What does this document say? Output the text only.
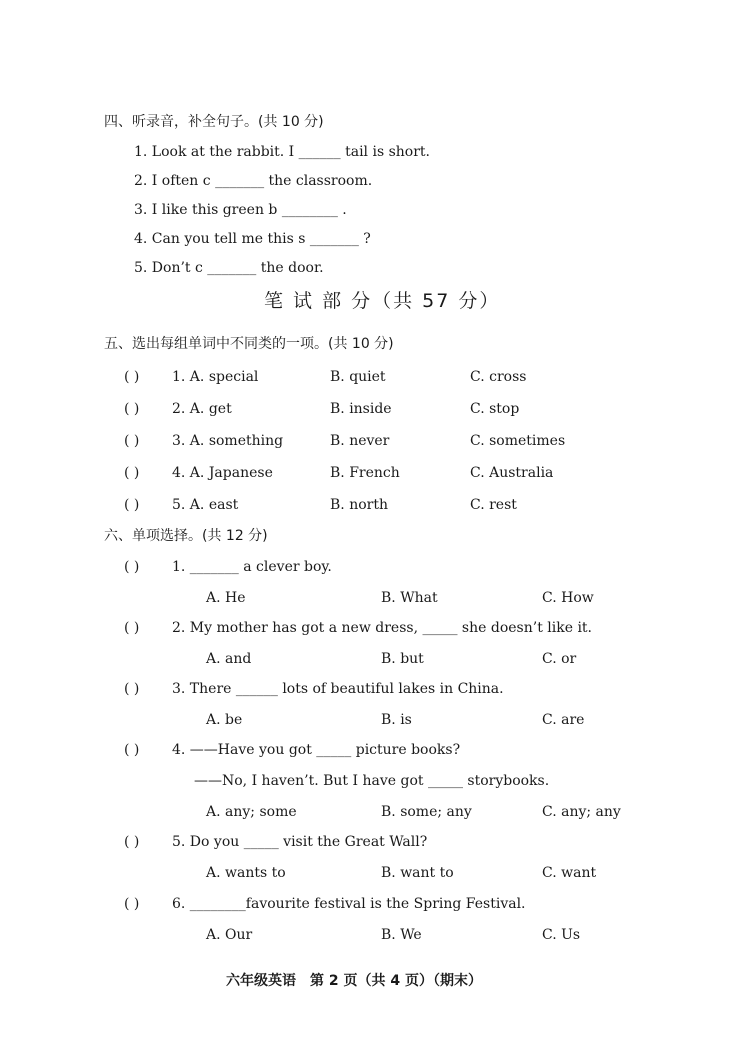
四、听录音，补全句子。(共 10 分)
1. Look at the rabbit. I ______ tail is short.
2. I often c _______ the classroom.
3. I like this green b ________ .
4. Can you tell me this s _______ ?
5. Don’t c _______ the door.
笔 试 部 分（共 57 分）
五、选出每组单词中不同类的一项。(共 10 分)
( ) 1. A. special	B. quiet	C. cross
( ) 2. A. get	B. inside	C. stop
( ) 3. A. something	B. never	C. sometimes
( ) 4. A. Japanese	B. French	C. Australia
( ) 5. A. east	B. north	C. rest
六、单项选择。(共 12 分)
( ) 1. _______ a clever boy.
A. He	B. What	C. How
( ) 2. My mother has got a new dress, _____ she doesn’t like it.
A. and	B. but	C. or
( ) 3. There ______ lots of beautiful lakes in China.
A. be	B. is	C. are
( ) 4. ——Have you got _____ picture books?
——No, I haven’t. But I have got _____ storybooks.
A. any; some	B. some; any	C. any; any
( ) 5. Do you _____ visit the Great Wall?
A. wants to	B. want to	C. want
( ) 6. ________favourite festival is the Spring Festival.
A. Our	B. We	C. Us
六年级英语　第 2 页（共 4 页）（期末）
